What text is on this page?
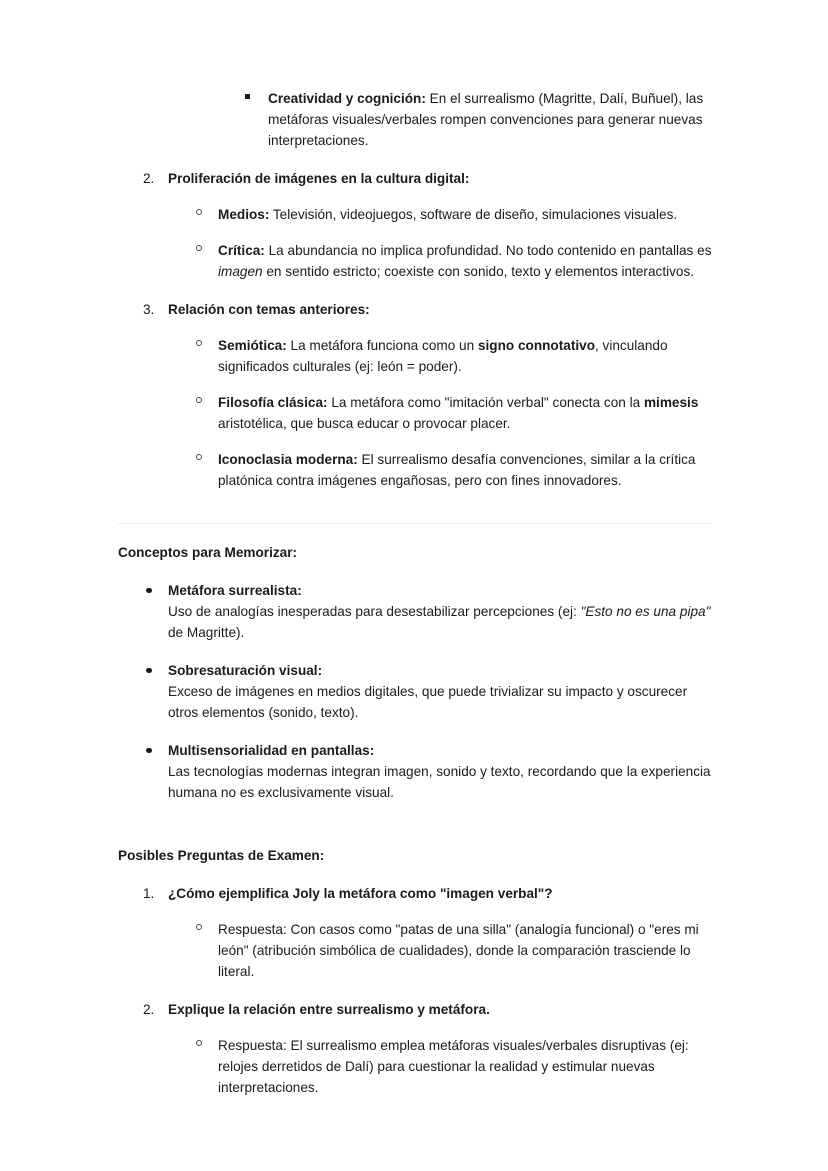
Creatividad y cognición: En el surrealismo (Magritte, Dalí, Buñuel), las metáforas visuales/verbales rompen convenciones para generar nuevas interpretaciones.
2.	Proliferación de imágenes en la cultura digital:
Medios: Televisión, videojuegos, software de diseño, simulaciones visuales.
Crítica: La abundancia no implica profundidad. No todo contenido en pantallas es imagen en sentido estricto; coexiste con sonido, texto y elementos interactivos.
3.	Relación con temas anteriores:
Semiótica: La metáfora funciona como un signo connotativo, vinculando significados culturales (ej: león = poder).
Filosofía clásica: La metáfora como "imitación verbal" conecta con la mimesis aristotélica, que busca educar o provocar placer.
Iconoclasia moderna: El surrealismo desafía convenciones, similar a la crítica platónica contra imágenes engañosas, pero con fines innovadores.
Conceptos para Memorizar:
Metáfora surrealista:
Uso de analogías inesperadas para desestabilizar percepciones (ej: "Esto no es una pipa" de Magritte).
Sobresaturación visual:
Exceso de imágenes en medios digitales, que puede trivializar su impacto y oscurecer otros elementos (sonido, texto).
Multisensorialidad en pantallas:
Las tecnologías modernas integran imagen, sonido y texto, recordando que la experiencia humana no es exclusivamente visual.
Posibles Preguntas de Examen:
1.	¿Cómo ejemplifica Joly la metáfora como "imagen verbal"?
Respuesta: Con casos como "patas de una silla" (analogía funcional) o "eres mi león" (atribución simbólica de cualidades), donde la comparación trasciende lo literal.
2.	Explique la relación entre surrealismo y metáfora.
Respuesta: El surrealismo emplea metáforas visuales/verbales disruptivas (ej: relojes derretidos de Dalí) para cuestionar la realidad y estimular nuevas interpretaciones.
